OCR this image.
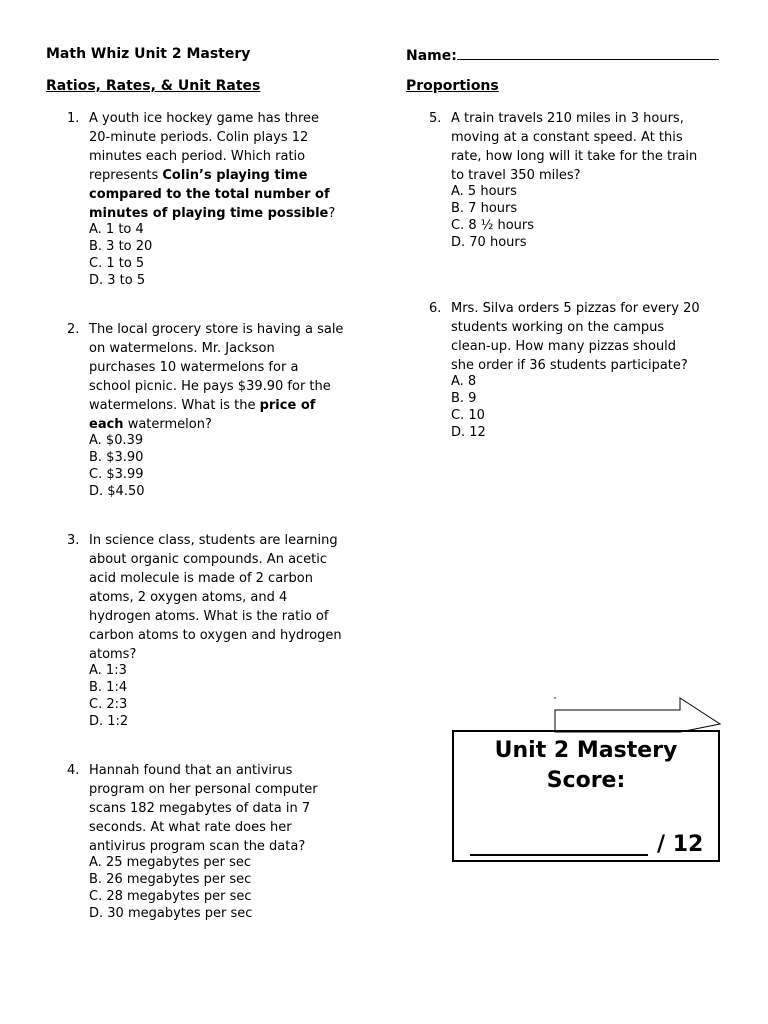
Math Whiz Unit 2 Mastery	Name:
Ratios, Rates, & Unit Rates	Proportions
1. A youth ice hockey game has three
20-minute periods. Colin plays 12
minutes each period. Which ratio
represents Colin’s playing time
compared to the total number of
minutes of playing time possible?
A. 1 to 4
B. 3 to 20
C. 1 to 5
D. 3 to 5
2. The local grocery store is having a sale
on watermelons. Mr. Jackson
purchases 10 watermelons for a
school picnic. He pays $39.90 for the
watermelons. What is the price of
each watermelon?
A. $0.39
B. $3.90
C. $3.99
D. $4.50
3. In science class, students are learning
about organic compounds. An acetic
acid molecule is made of 2 carbon
atoms, 2 oxygen atoms, and 4
hydrogen atoms. What is the ratio of
carbon atoms to oxygen and hydrogen
atoms?
A. 1:3
B. 1:4
C. 2:3
D. 1:2
4. Hannah found that an antivirus
program on her personal computer
scans 182 megabytes of data in 7
seconds. At what rate does her
antivirus program scan the data?
A. 25 megabytes per sec
B. 26 megabytes per sec
C. 28 megabytes per sec
D. 30 megabytes per sec
5. A train travels 210 miles in 3 hours,
moving at a constant speed. At this
rate, how long will it take for the train
to travel 350 miles?
A. 5 hours
B. 7 hours
C. 8 ½ hours
D. 70 hours
6. Mrs. Silva orders 5 pizzas for every 20
students working on the campus
clean-up. How many pizzas should
she order if 36 students participate?
A. 8
B. 9
C. 10
D. 12
Unit 2 Mastery
Score:
/ 12
